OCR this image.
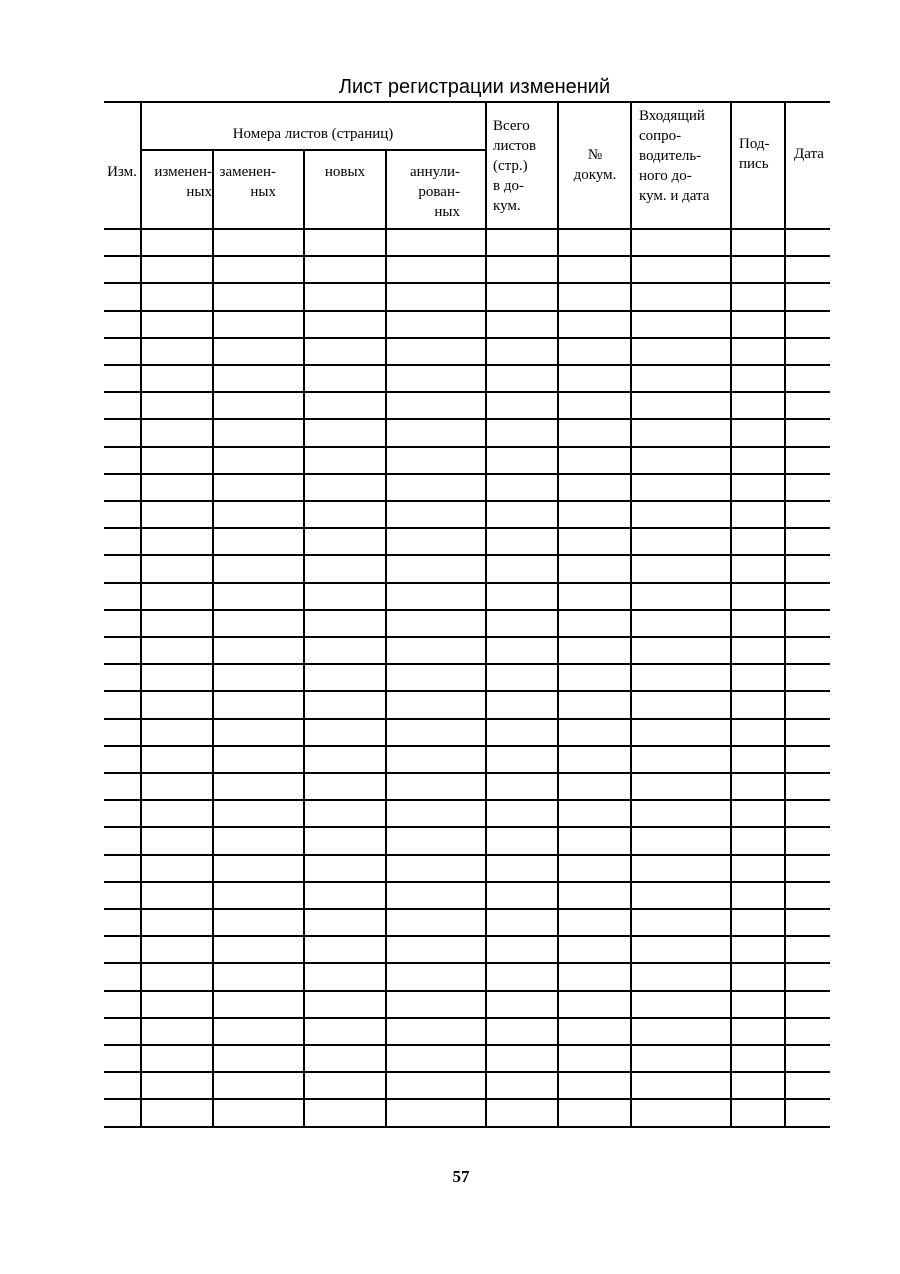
Лист регистрации изменений
Изм.
Номера листов (страниц)
изменен-
ных
заменен-
ных
новых	аннули-
рован-
ных
Всего
листов
(стр.)
в до-
кум.
№
докум.
Входящий
сопро-
водитель-
ного до-
кум. и дата
Под-
пись
Дата
57
